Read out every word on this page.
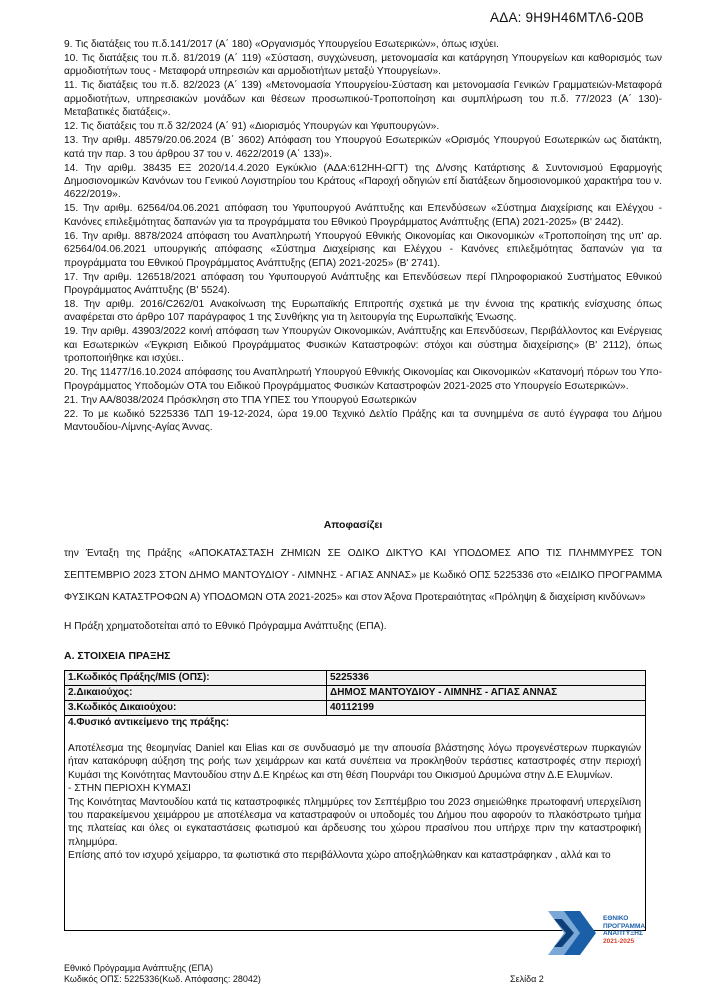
ΑΔΑ: 9Η9Η46ΜΤΛ6-Ω0Β

9. Τις διατάξεις του π.δ.141/2017 (Α΄ 180) «Οργανισμός Υπουργείου Εσωτερικών», όπως ισχύει.

10. Τις διατάξεις του π.δ. 81/2019 (Α΄ 119) «Σύσταση, συγχώνευση, μετονομασία και κατάργηση Υπουργείων και καθορισμός των αρμοδιοτήτων τους - Μεταφορά υπηρεσιών και αρμοδιοτήτων μεταξύ Υπουργείων».

11. Τις διατάξεις του π.δ. 82/2023 (Α΄ 139) «Μετονομασία Υπουργείου-Σύσταση και μετονομασία Γενικών Γραμματειών-Μεταφορά αρμοδιοτήτων, υπηρεσιακών μονάδων και θέσεων προσωπικού-Τροποποίηση και συμπλήρωση του π.δ. 77/2023 (Α΄ 130)-Μεταβατικές διατάξεις».

12. Τις διατάξεις του π.δ 32/2024 (Α΄ 91) «Διορισμός Υπουργών και Υφυπουργών».

13. Την αριθμ. 48579/20.06.2024 (Β΄ 3602) Απόφαση του Υπουργού Εσωτερικών «Ορισμός Υπουργού Εσωτερικών ως διατάκτη, κατά την παρ. 3 του άρθρου 37 του ν. 4622/2019 (Α΄ 133)».

14. Την αριθμ. 38435 ΕΞ 2020/14.4.2020 Εγκύκλιο (ΑΔΑ:612ΗΗ-ΩΓΤ) της Δ/νσης Κατάρτισης & Συντονισμού Εφαρμογής Δημοσιονομικών Κανόνων του Γενικού Λογιστηρίου του Κράτους «Παροχή οδηγιών επί διατάξεων δημοσιονομικού χαρακτήρα του ν. 4622/2019».

15. Την αριθμ. 62564/04.06.2021 απόφαση του Υφυπουργού Ανάπτυξης και Επενδύσεων «Σύστημα Διαχείρισης και Ελέγχου - Κανόνες επιλεξιμότητας δαπανών για τα προγράμματα του Εθνικού Προγράμματος Ανάπτυξης (ΕΠΑ) 2021-2025» (Β' 2442).

16. Την αριθμ. 8878/2024 απόφαση του Αναπληρωτή Υπουργού Εθνικής Οικονομίας και Οικονομικών «Τροποποίηση της υπ' αρ. 62564/04.06.2021 υπουργικής απόφασης «Σύστημα Διαχείρισης και Ελέγχου - Κανόνες επιλεξιμότητας δαπανών για τα προγράμματα του Εθνικού Προγράμματος Ανάπτυξης (ΕΠΑ) 2021-2025» (Β' 2741).

17. Την αριθμ. 126518/2021 απόφαση του Υφυπουργού Ανάπτυξης και Επενδύσεων περί Πληροφοριακού Συστήματος Εθνικού Προγράμματος Ανάπτυξης (Β' 5524).

18. Την αριθμ. 2016/C262/01 Ανακοίνωση της Ευρωπαϊκής Επιτροπής σχετικά με την έννοια της κρατικής ενίσχυσης όπως αναφέρεται στο άρθρο 107 παράγραφος 1 της Συνθήκης για τη λειτουργία της Ευρωπαϊκής Ένωσης.

19. Την αριθμ. 43903/2022 κοινή απόφαση των Υπουργών Οικονομικών, Ανάπτυξης και Επενδύσεων, Περιβάλλοντος και Ενέργειας και Εσωτερικών «Έγκριση Ειδικού Προγράμματος Φυσικών Καταστροφών: στόχοι και σύστημα διαχείρισης» (Β' 2112), όπως τροποποιήθηκε και ισχύει..

20. Της 11477/16.10.2024 απόφασης του Αναπληρωτή Υπουργού Εθνικής Οικονομίας και Οικονομικών «Κατανομή πόρων του Υπο-Προγράμματος Υποδομών ΟΤΑ του Ειδικού Προγράμματος Φυσικών Καταστροφών 2021-2025 στο Υπουργείο Εσωτερικών».

21. Την ΑΑ/8038/2024 Πρόσκληση στο ΤΠΑ ΥΠΕΣ του Υπουργού Εσωτερικών

22. Το με κωδικό 5225336 ΤΔΠ 19-12-2024, ώρα 19.00 Τεχνικό Δελτίο Πράξης και τα συνημμένα σε αυτό έγγραφα του Δήμου Μαντουδίου-Λίμνης-Αγίας Άννας.

Αποφασίζει
την Ένταξη της Πράξης «ΑΠΟΚΑΤΑΣΤΑΣΗ ΖΗΜΙΩΝ ΣΕ ΟΔΙΚΟ ΔΙΚΤΥΟ ΚΑΙ ΥΠΟΔΟΜΕΣ ΑΠΟ ΤΙΣ ΠΛΗΜΜΥΡΕΣ ΤΟΝ ΣΕΠΤΕΜΒΡΙΟ 2023 ΣΤΟΝ ΔΗΜΟ ΜΑΝΤΟΥΔΙΟΥ - ΛΙΜΝΗΣ - ΑΓΙΑΣ ΑΝΝΑΣ» με Κωδικό ΟΠΣ 5225336 στο «ΕΙΔΙΚΟ ΠΡΟΓΡΑΜΜΑ ΦΥΣΙΚΩΝ ΚΑΤΑΣΤΡΟΦΩΝ Α) ΥΠΟΔΟΜΩΝ ΟΤΑ 2021-2025» και στον Άξονα Προτεραιότητας «Πρόληψη & διαχείριση κινδύνων»
Η Πράξη χρηματοδοτείται από το Εθνικό Πρόγραμμα Ανάπτυξης (ΕΠΑ).
Α. ΣΤΟΙΧΕΙΑ ΠΡΑΞΗΣ
1.Κωδικός Πράξης/MIS (ΟΠΣ):	5225336
2.Δικαιούχος:	ΔΗΜΟΣ ΜΑΝΤΟΥΔΙΟΥ - ΛΙΜΝΗΣ - ΑΓΙΑΣ ΑΝΝΑΣ
3.Κωδικός Δικαιούχου:	40112199
4.Φυσικό αντικείμενο της πράξης:

Αποτέλεσμα της θεομηνίας Daniel και Elias και σε συνδυασμό με την απουσία βλάστησης λόγω προγενέστερων πυρκαγιών ήταν κατακόρυφη αύξηση της ροής των χειμάρρων και κατά συνέπεια να προκληθούν τεράστιες καταστροφές στην περιοχή Κυμάσι της Κοινότητας Μαντουδίου στην Δ.Ε Κηρέως και στη θέση Πουρνάρι του Οικισμού Δρυμώνα στην Δ.Ε Ελυμνίων.

- ΣΤΗΝ ΠΕΡΙΟΧΗ ΚΥΜΑΣΙ

Της Κοινότητας Μαντουδίου κατά τις καταστροφικές πλημμύρες τον Σεπτέμβριο του 2023 σημειώθηκε πρωτοφανή υπερχείλιση του παρακείμενου χειμάρρου με αποτέλεσμα να καταστραφούν οι υποδομές του Δήμου που αφορούν το πλακόστρωτο τμήμα της πλατείας και όλες οι εγκαταστάσεις φωτισμού και άρδευσης του χώρου πρασίνου που υπήρχε πριν την καταστροφική πλημμύρα.

Επίσης από τον ισχυρό χείμαρρο, τα φωτιστικά στο περιβάλλοντα χώρο αποξηλώθηκαν και καταστράφηκαν , αλλά και το

ΕΘΝΙΚΟ
ΠΡΟΓΡΑΜΜΑ
ΑΝΑΠΤΥΞΗΣ
2021-2025
Εθνικό Πρόγραμμα Ανάπτυξης (ΕΠΑ)
Κωδικός ΟΠΣ: 5225336(Κωδ. Απόφασης: 28042)	Σελίδα 2
